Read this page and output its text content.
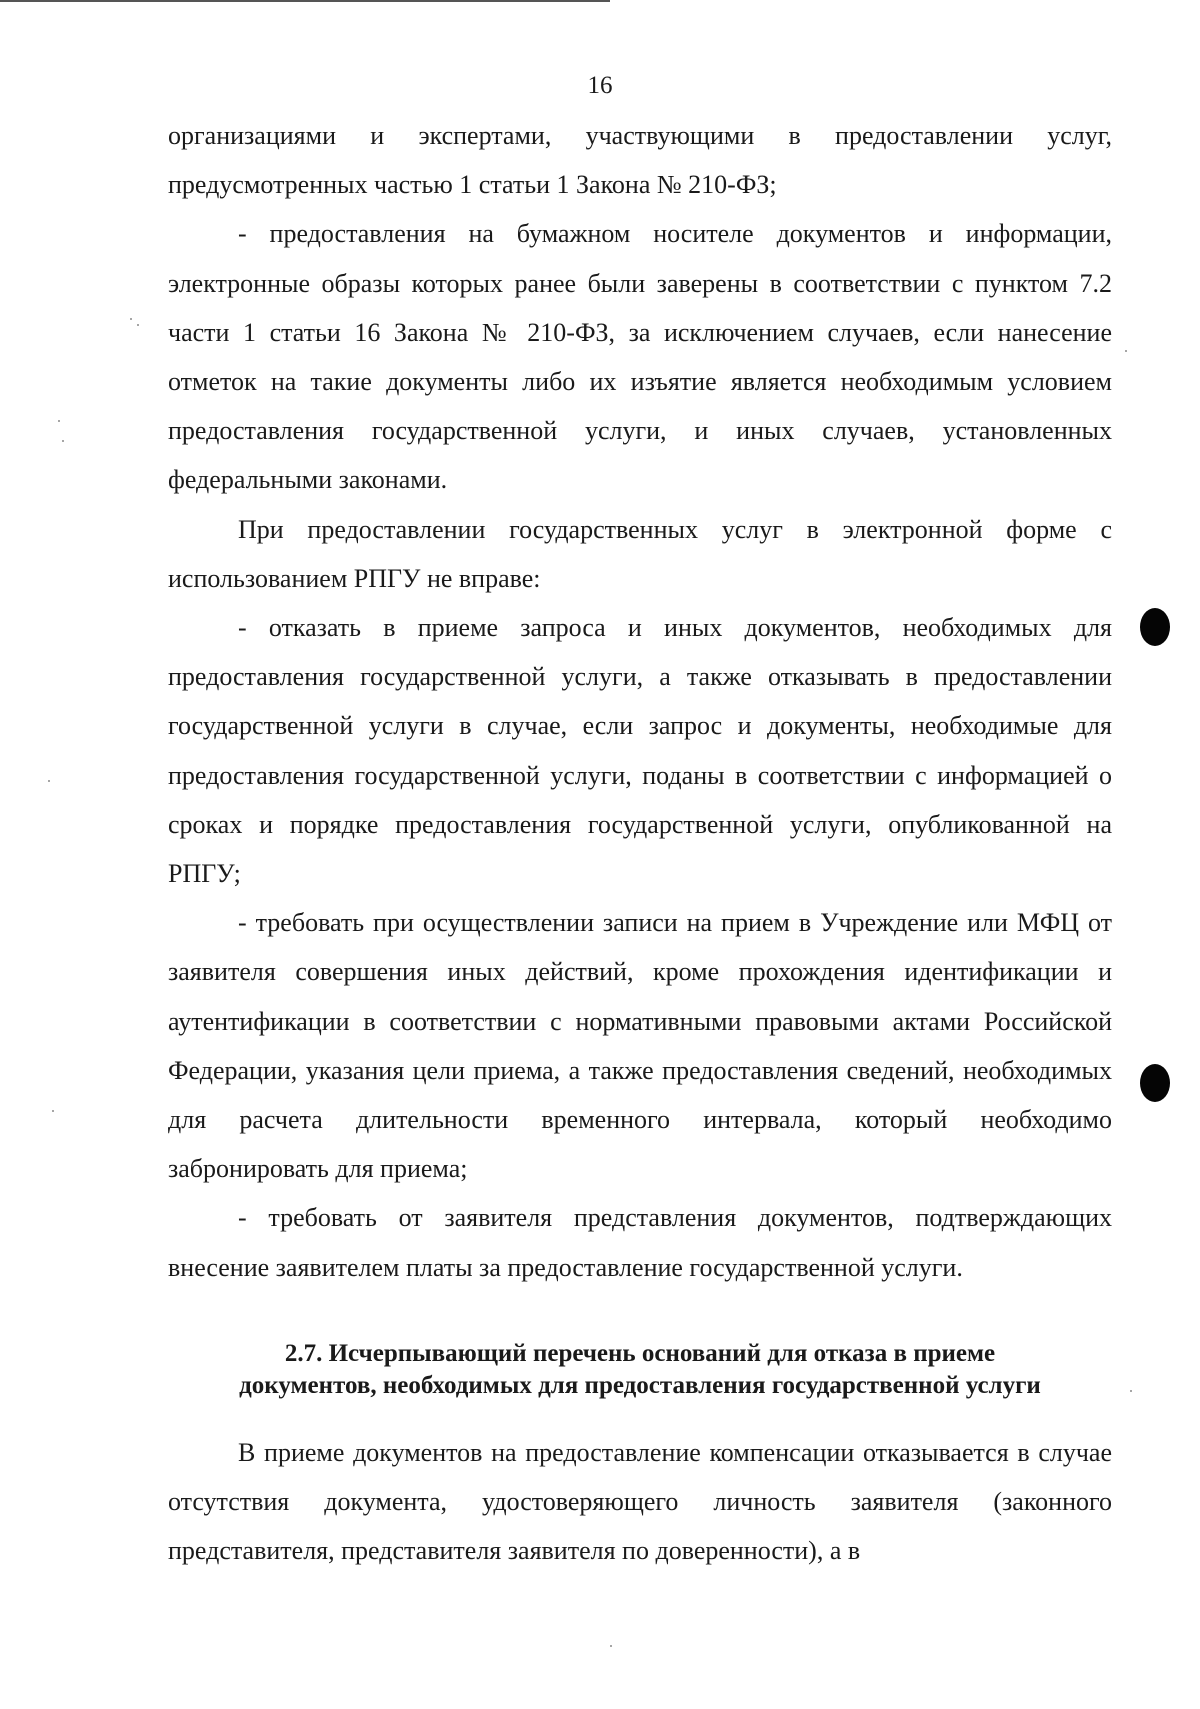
16

организациями и экспертами, участвующими в предоставлении услуг, предусмотренных частью 1 статьи 1 Закона № 210-ФЗ;

- предоставления на бумажном носителе документов и информации, электронные образы которых ранее были заверены в соответствии с пунктом 7.2 части 1 статьи 16 Закона № 210-ФЗ, за исключением случаев, если нанесение отметок на такие документы либо их изъятие является необходимым условием предоставления государственной услуги, и иных случаев, установленных федеральными законами.

При предоставлении государственных услуг в электронной форме с использованием РПГУ не вправе:

- отказать в приеме запроса и иных документов, необходимых для предоставления государственной услуги, а также отказывать в предоставлении государственной услуги в случае, если запрос и документы, необходимые для предоставления государственной услуги, поданы в соответствии с информацией о сроках и порядке предоставления государственной услуги, опубликованной на РПГУ;

- требовать при осуществлении записи на прием в Учреждение или МФЦ от заявителя совершения иных действий, кроме прохождения идентификации и аутентификации в соответствии с нормативными правовыми актами Российской Федерации, указания цели приема, а также предоставления сведений, необходимых для расчета длительности временного интервала, который необходимо забронировать для приема;

- требовать от заявителя представления документов, подтверждающих внесение заявителем платы за предоставление государственной услуги.

2.7. Исчерпывающий перечень оснований для отказа в приеме
документов, необходимых для предоставления государственной услуги

В приеме документов на предоставление компенсации отказывается в случае отсутствия документа, удостоверяющего личность заявителя (законного представителя, представителя заявителя по доверенности), а в
